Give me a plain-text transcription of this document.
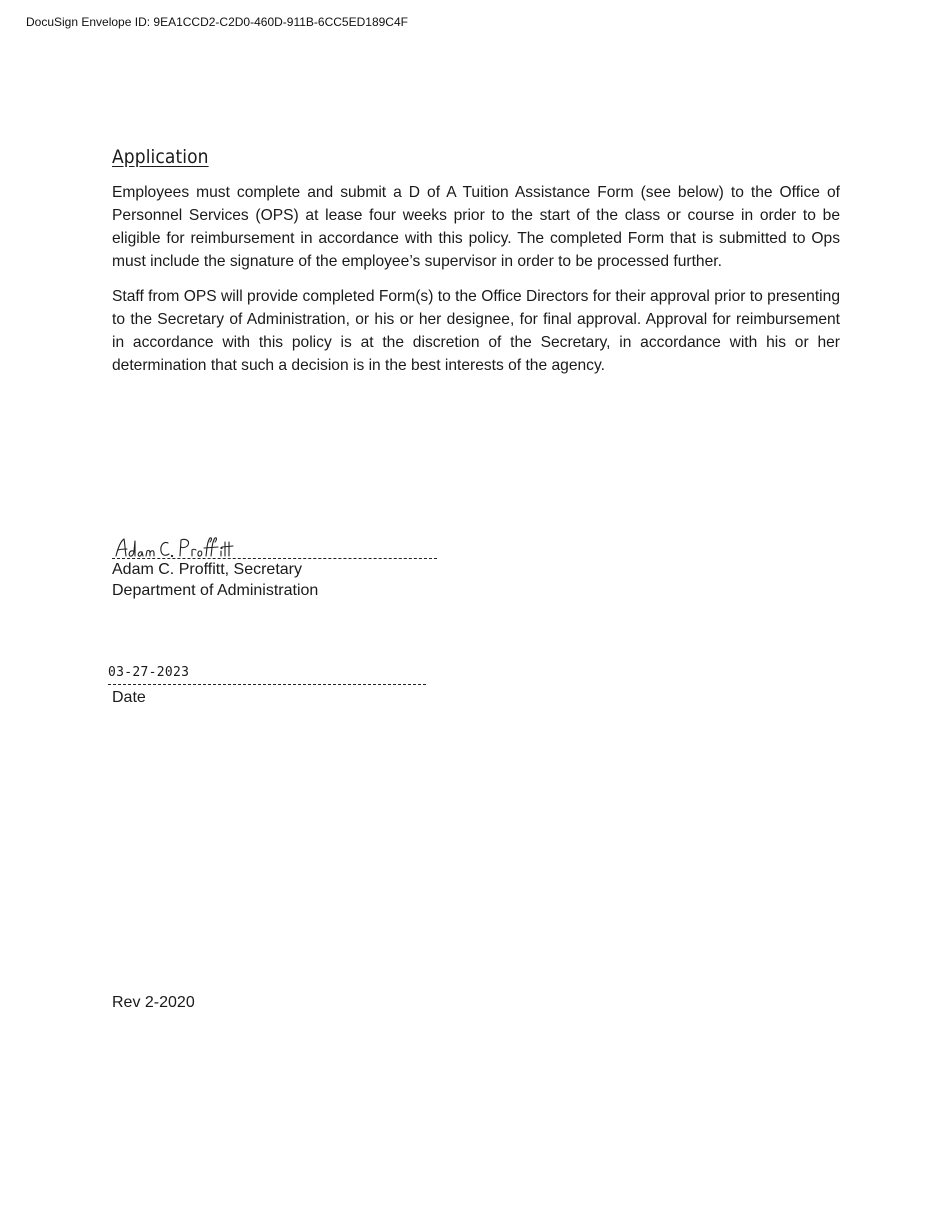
DocuSign Envelope ID: 9EA1CCD2-C2D0-460D-911B-6CC5ED189C4F
Application

Employees must complete and submit a D of A Tuition Assistance Form (see below) to the Office of Personnel Services (OPS) at lease four weeks prior to the start of the class or course in order to be eligible for reimbursement in accordance with this policy. The completed Form that is submitted to Ops must include the signature of the employee’s supervisor in order to be processed further.

Staff from OPS will provide completed Form(s) to the Office Directors for their approval prior to presenting to the Secretary of Administration, or his or her designee, for final approval. Approval for reimbursement in accordance with this policy is at the discretion of the Secretary, in accordance with his or her determination that such a decision is in the best interests of the agency.

Adam C. Proffitt, Secretary

Department of Administration

03-27-2023
Date
Rev 2-2020
